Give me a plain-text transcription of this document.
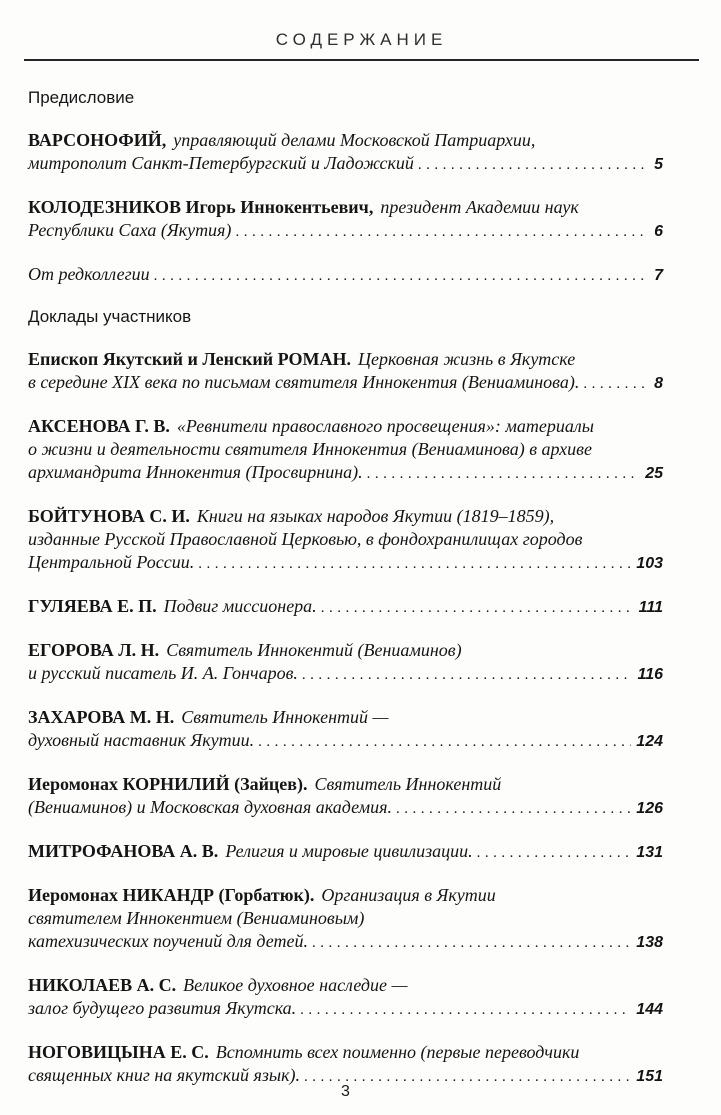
СОДЕРЖАНИЕ
Предисловие
ВАРСОНОФИЙ, управляющий делами Московской Патриархии,
митрополит Санкт-Петербургский и Ладожский .....	5
КОЛОДЕЗНИКОВ Игорь Иннокентьевич, президент Академии наук
Республики Саха (Якутия) .....	6
От редколлегии .....	7
Доклады участников
Епископ Якутский и Ленский РОМАН. Церковная жизнь в Якутске
в середине XIX века по письмам святителя Иннокентия (Вениаминова). .....	8
АКСЕНОВА Г. В. «Ревнители православного просвещения»: материалы
о жизни и деятельности святителя Иннокентия (Вениаминова) в архиве
архимандрита Иннокентия (Просвирнина). .....	25
БОЙТУНОВА С. И. Книги на языках народов Якутии (1819–1859),
изданные Русской Православной Церковью, в фондохранилищах городов
Центральной России. .....	103
ГУЛЯЕВА Е. П. Подвиг миссионера. .....	111
ЕГОРОВА Л. Н. Святитель Иннокентий (Вениаминов)
и русский писатель И. А. Гончаров. .....	116
ЗАХАРОВА М. Н. Святитель Иннокентий —
духовный наставник Якутии. .....	124
Иеромонах КОРНИЛИЙ (Зайцев). Святитель Иннокентий
(Вениаминов) и Московская духовная академия. .....	126
МИТРОФАНОВА А. В. Религия и мировые цивилизации. .....	131
Иеромонах НИКАНДР (Горбатюк). Организация в Якутии
святителем Иннокентием (Вениаминовым)
катехизических поучений для детей. .....	138
НИКОЛАЕВ А. С. Великое духовное наследие —
залог будущего развития Якутска. .....	144
НОГОВИЦЫНА Е. С. Вспомнить всех поименно (первые переводчики
священных книг на якутский язык). .....	151
3
